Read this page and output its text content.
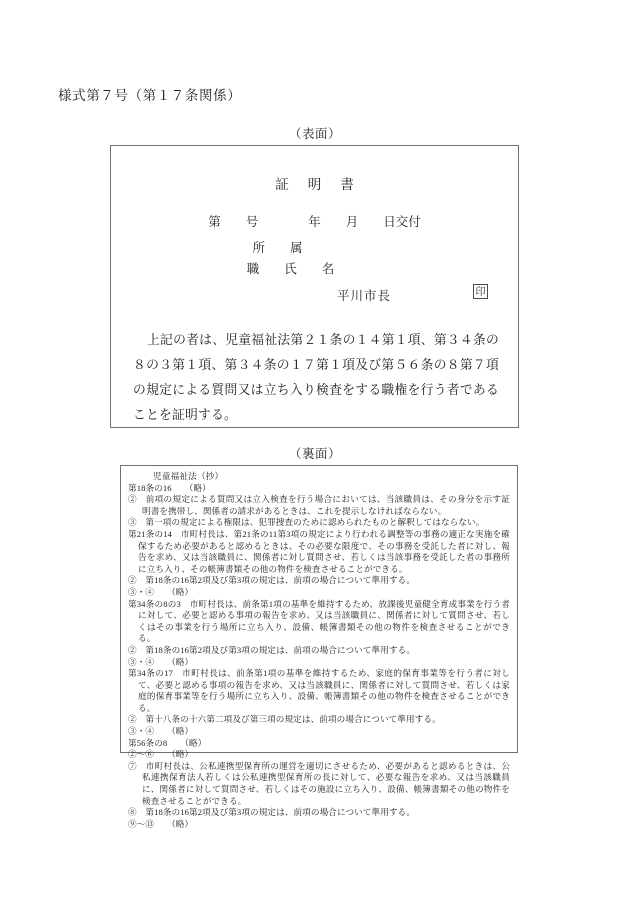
様式第７号（第１７条関係）
（表面）
証明書
第　　号　　　　年　　月　　日交付
所　　属
職　　氏　　名
平川市長	印
上記の者は、児童福祉法第２１条の１４第１項、第３４条の８の３第１項、第３４条の１７第１項及び第５６条の８第７項の規定による質問又は立ち入り検査をする職権を行う者であることを証明する。
（裏面）
児童福祉法（抄）
第18条の16　　（略）
②　前項の規定による質問又は立入検査を行う場合においては、当該職員は、その身分を示す証明書を携帯し、関係者の請求があるときは、これを提示しなければならない。
③　第一項の規定による権限は、犯罪捜査のために認められたものと解釈してはならない。
第21条の14　市町村長は、第21条の11第3項の規定により行われる調整等の事務の適正な実施を確保するため必要があると認めるときは、その必要な限度で、その事務を受託した者に対し、報告を求め、又は当該職員に、関係者に対し質問させ、若しくは当該事務を受託した者の事務所に立ち入り、その帳簿書類その他の物件を検査させることができる。
②　第18条の16第2項及び第3項の規定は、前項の場合について準用する。
③・④　　（略）
第34条の8の3　市町村長は、前条第1項の基準を維持するため、放課後児童健全育成事業を行う者に対して、必要と認める事項の報告を求め、又は当該職員に、関係者に対して質問させ、若しくはその事業を行う場所に立ち入り、設備、帳簿書類その他の物件を検査させることができる。
②　第18条の16第2項及び第3項の規定は、前項の場合について準用する。
③・④　　（略）
第34条の17　市町村長は、前条第1項の基準を維持するため、家庭的保育事業等を行う者に対して、必要と認める事項の報告を求め、又は当該職員に、関係者に対して質問させ、若しくは家庭的保育事業等を行う場所に立ち入り、設備、帳簿書類その他の物件を検査させることができる。
②　第十八条の十六第二項及び第三項の規定は、前項の場合について準用する。
③・④　　（略）
第56条の8　　（略）
②〜⑥　　（略）
⑦　市町村長は、公私連携型保育所の運営を適切にさせるため、必要があると認めるときは、公私連携保育法人若しくは公私連携型保育所の長に対して、必要な報告を求め、又は当該職員に、関係者に対して質問させ、若しくはその施設に立ち入り、設備、帳簿書類その他の物件を検査させることができる。
⑧　第18条の16第2項及び第3項の規定は、前項の場合について準用する。
⑨〜⑬　　（略）
